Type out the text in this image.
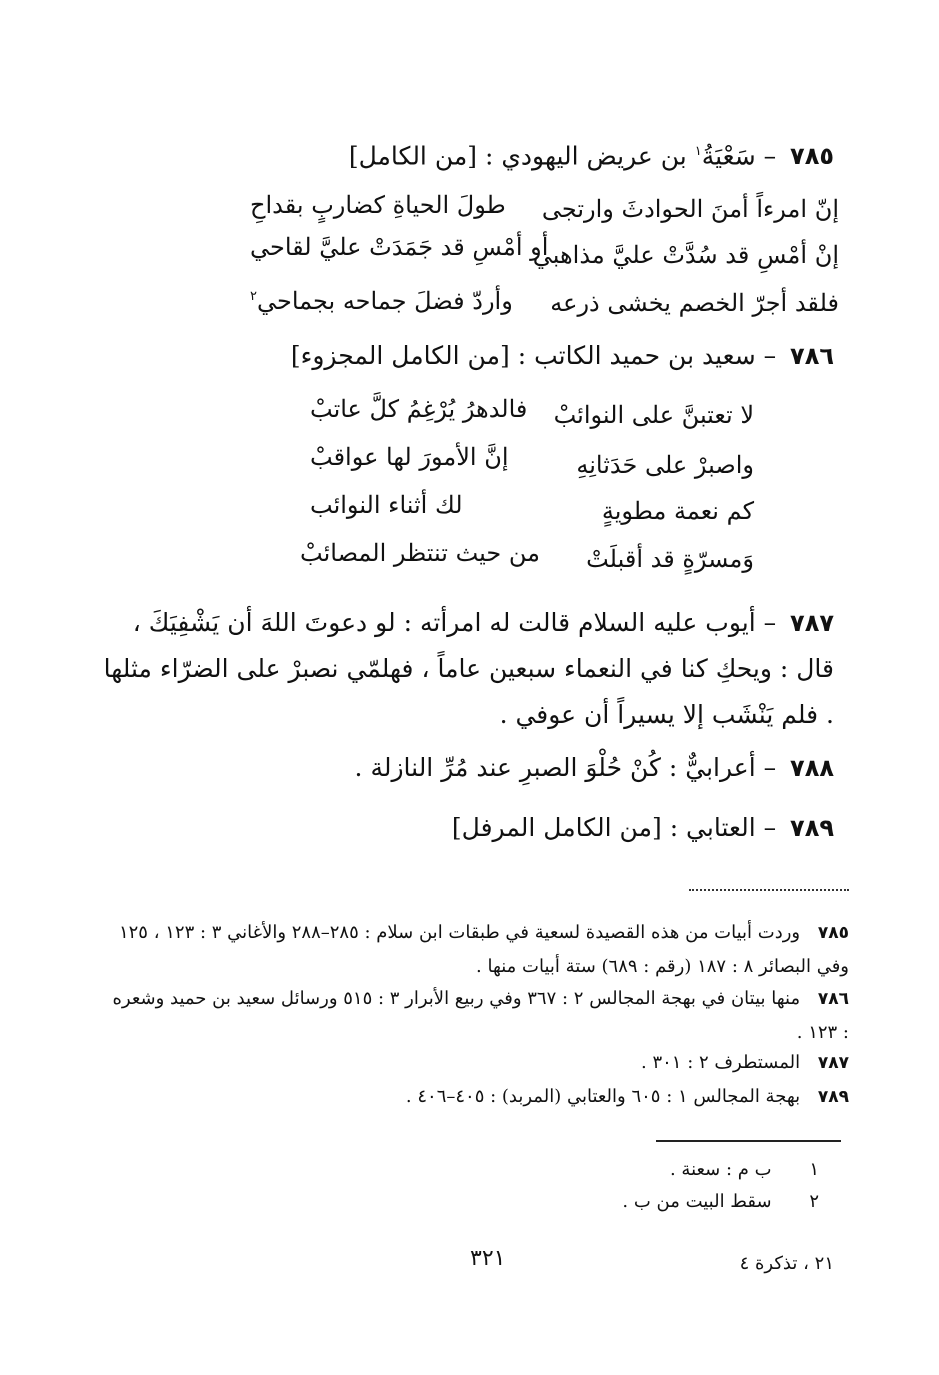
٧٨٥ – سَعْيَةُ$^١$ بن عريض اليهودي : [من الكامل]
إنّ امرءاً أمنَ الحوادثَ وارتجى
طولَ الحياةِ كضاربٍ بقداحِ
إنْ أمْسِ قد سُدَّتْ عليَّ مذاهبي
أو أمْسِ قد جَمَدَتْ عليَّ لقاحي
فلقد أجرّ الخصم يخشى ذرعه
وأردّ فضلَ جماحه بجماحي$^٢$
٧٨٦ – سعيد بن حميد الكاتب : [من الكامل المجزوء]
لا تعتبنَّ على النوائبْ
فالدهرُ يُرْغِمُ كلَّ عاتبْ
واصبرْ على حَدَثانِهِ
إنَّ الأمورَ لها عواقبْ
كم نعمة مطويةٍ
لك أثناء النوائب
وَمسرّةٍ قد أقبلَتْ
من حيث تنتظر المصائبْ
٧٨٧ – أيوب عليه السلام قالت له امرأته : لو دعوتَ اللهَ أن يَشْفِيَكَ ، قال : ويحكِ كنا في النعماء سبعين عاماً ، فهلمّي نصبرْ على الضرّاء مثلها . فلم يَنْشَب إلا يسيراً أن عوفي .
٧٨٨ – أعرابيٌّ : كُنْ حُلْوَ الصبرِ عند مُرِّ النازلة .
٧٨٩ – العتابي : [من الكامل المرفل]
٧٨٥ وردت أبيات من هذه القصيدة لسعية في طبقات ابن سلام : ٢٨٥–٢٨٨ والأغاني ٣ : ١٢٣ ، ١٢٥ وفي البصائر ٨ : ١٨٧ (رقم : ٦٨٩) ستة أبيات منها .
٧٨٦ منها بيتان في بهجة المجالس ٢ : ٣٦٧ وفي ربيع الأبرار ٣ : ٥١٥ ورسائل سعيد بن حميد وشعره : ١٢٣ .
٧٨٧ المستطرف ٢ : ٣٠١ .
٧٨٩ بهجة المجالس ١ : ٦٠٥ والعتابي (المربد) : ٤٠٥–٤٠٦ .
١ ب م : سعنة .
٢ سقط البيت من ب .
٢١ ، تذكرة ٤
٣٢١
